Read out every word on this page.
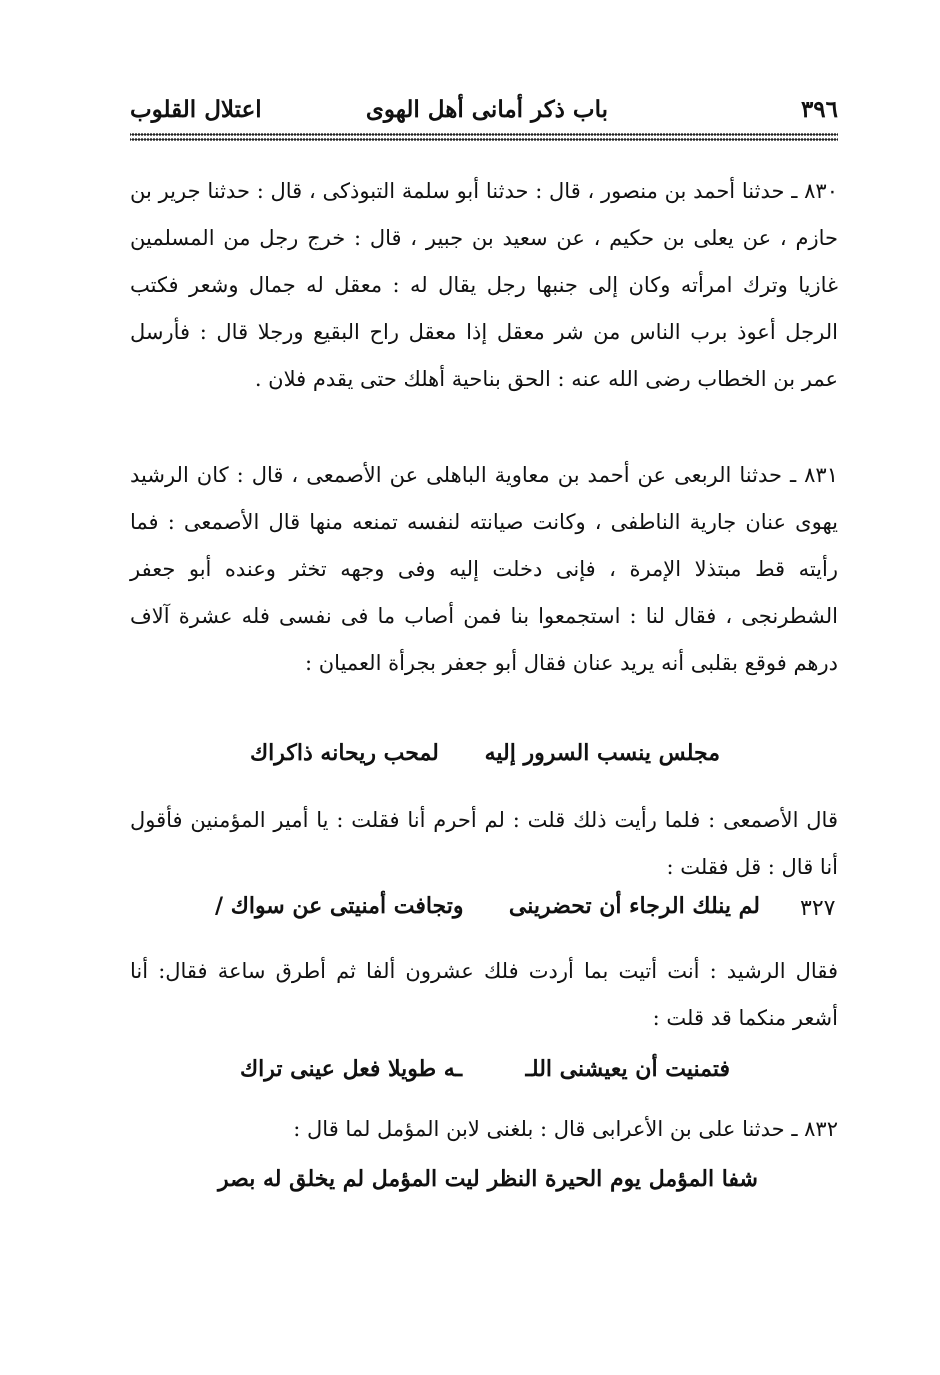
٣٩٦
باب ذكر أمانى أهل الهوى
اعتلال القلوب
٨٣٠ ـ حدثنا أحمد بن منصور ، قال : حدثنا أبو سلمة التبوذكى ، قال : حدثنا جرير بن حازم ، عن يعلى بن حكيم ، عن سعيد بن جبير ، قال : خرج رجل من المسلمين غازيا وترك امرأته وكان إلى جنبها رجل يقال له : معقل له جمال وشعر فكتب الرجل أعوذ برب الناس من شر معقل إذا معقل راح البقيع ورجلا قال : فأرسل عمر بن الخطاب رضى الله عنه : الحق بناحية أهلك حتى يقدم فلان .
٨٣١ ـ حدثنا الربعى عن أحمد بن معاوية الباهلى عن الأصمعى ، قال : كان الرشيد يهوى عنان جارية الناطفى ، وكانت صيانته لنفسه تمنعه منها قال الأصمعى : فما رأيته قط مبتذلا الإمرة ، فإنى دخلت إليه وفى وجهه تخثر وعنده أبو جعفر الشطرنجى ، فقال لنا : استجمعوا بنا فمن أصاب ما فى نفسى فله عشرة آلاف درهم فوقع بقلبى أنه يريد عنان فقال أبو جعفر بجرأة العميان :
مجلس ينسب السرور إليه
لمحب ريحانه ذاكراك
قال الأصمعى : فلما رأيت ذلك قلت : لم أحرم أنا فقلت : يا أمير المؤمنين فأقول أنا قال : قل فقلت :
٣٢٧
لم ينلك الرجاء أن تحضرينى
وتجافت أمنيتى عن سواك /
فقال الرشيد : أنت أتيت بما أردت فلك عشرون ألفا ثم أطرق ساعة فقال: أنا أشعر منكما قد قلت :
فتمنيت أن يعيشنى اللـ
ـه طويلا فعل عينى تراك
٨٣٢ ـ حدثنا على بن الأعرابى قال : بلغنى لابن المؤمل لما قال :
شفا المؤمل يوم الحيرة النظر
ليت المؤمل لم يخلق له بصر
